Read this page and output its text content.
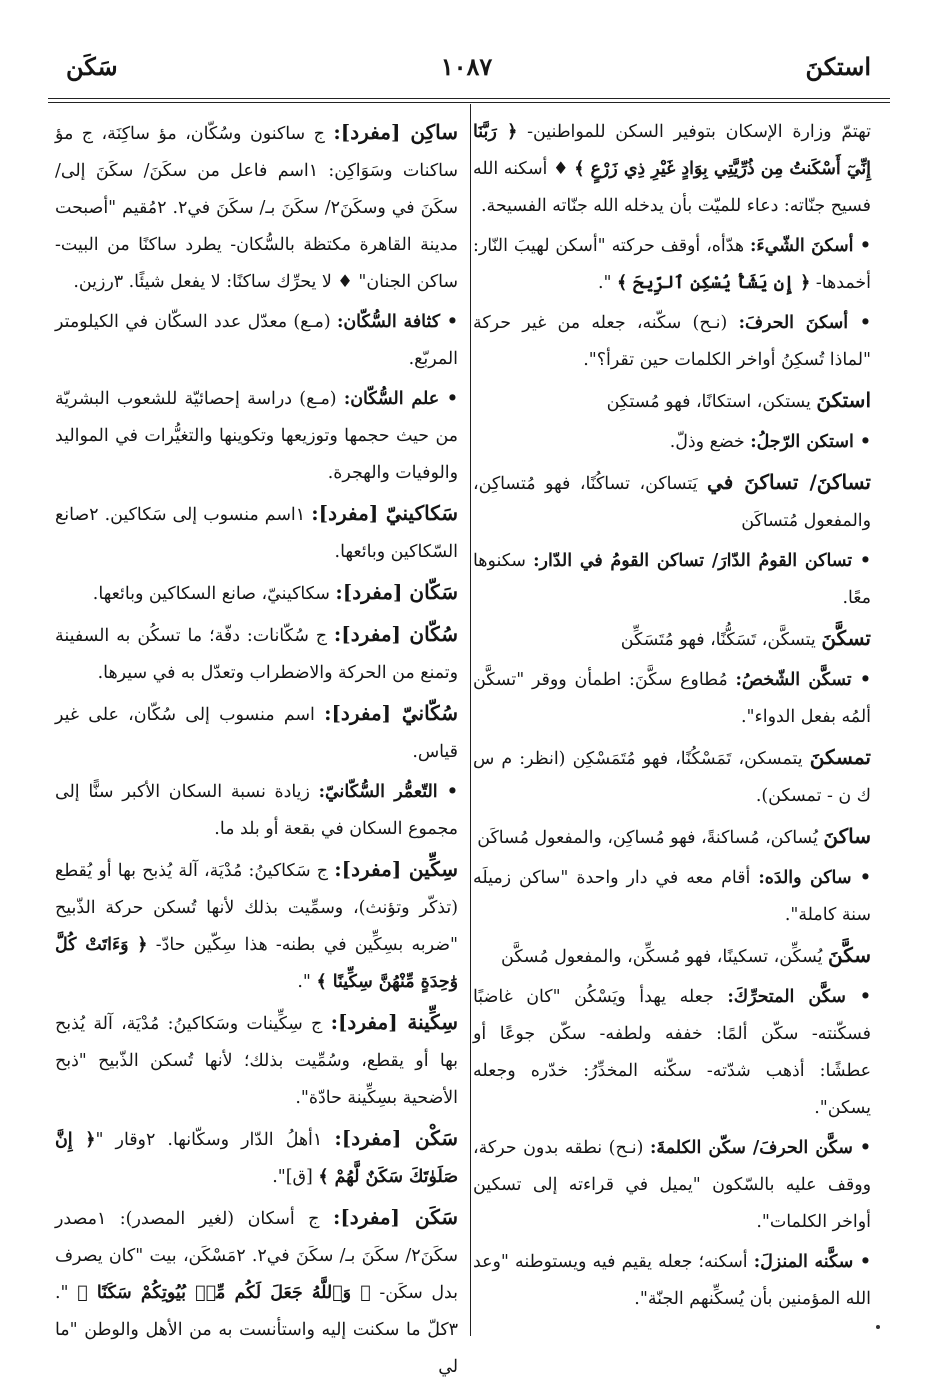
استكنَ
١٠٨٧
سَكَن

تهتمّ وزارة الإسكان بتوفير السكن للمواطنين- ﴿ رَبَّنَا إِنِّيٓ أَسْكَنتُ مِن ذُرِّيَّتِي بِوَادٍ غَيْرِ ذِي زَرْعٍ ﴾ ♦ أسكنه الله فسيح جنّاته: دعاء للميّت بأن يدخله الله جنّاته الفسيحة.

• أسكنَ الشّيءَ: هدّأه، أوقف حركته "أسكن لهيبَ النّار: أخمدها- ﴿ إِن يَشَأْ يُسْكِنِ ٱلرِّيحَ ﴾ ".

• أسكنَ الحرفَ: (نـح) سكّنه، جعله من غير حركة "لماذا تُسكِنُ أواخر الكلمات حين تقرأ؟".

استكنَ يستكن، استكانًا، فهو مُستكِن

• استكن الرّجلُ: خضع وذلّ.

تساكنَ/ تساكنَ في يَتساكن، تساكُنًا، فهو مُتساكِن، والمفعول مُتساكَن

• تساكن القومُ الدّارَ/ تساكن القومُ في الدّار: سكنوها معًا.

تسكَّنَ يتسكَّن، تَسَكُّنًا، فهو مُتَسَكِّن

• تسكَّن الشّخصُ: مُطاوع سكَّنَ: اطمأن ووقر "تسكَّن ألمُه بفعل الدواء".

تمسكنَ يتمسكن، تَمَسْكُنًا، فهو مُتَمَسْكِن (انظر: م س ك ن - تمسكن).

ساكنَ يُساكن، مُساكنةً، فهو مُساكِن، والمفعول مُساكَن

• ساكن والدَه: أقام معه في دار واحدة "ساكن زميلَه سنة كاملة".

سكَّنَ يُسكِّن، تسكينًا، فهو مُسكِّن، والمفعول مُسكَّن

• سكَّن المتحرِّكَ: جعله يهدأ ويَسْكُن "كان غاضبًا فسكّنته- سكّن ألمًا: خففه ولطفه- سكّن جوعًا أو عطشًا: أذهب شدّته- سكّنه المخدِّرُ: خدّره وجعله يسكن".

• سكَّن الحرفَ/ سكّن الكلمةَ: (نـح) نطقه بدون حركة، ووقف عليه بالسّكون "يميل في قراءته إلى تسكين أواخر الكلمات".

• سكَّنه المنزلَ: أسكنه؛ جعله يقيم فيه ويستوطنه "وعد الله المؤمنين بأن يُسكِّنهم الجنّة".

ساكِن [مفرد]: ج ساكنون وسُكّان، مؤ ساكِنَة، ج مؤ ساكنات وسَوَاكِن: ١اسم فاعل من سكَنَ/ سكَنَ إلى/ سكَنَ في وسكَنَ٢/ سكَنَ بـ/ سكَنَ في٢. ٢مُقيم "أصبحت مدينة القاهرة مكتظة بالسُّكان- يطرد ساكنًا من البيت- ساكن الجنان" ♦ لا يحرِّك ساكنًا: لا يفعل شيئًا. ٣رزين.

• كثافة السُّكّان: (مـع) معدّل عدد السكّان في الكيلومتر المربّع.

• علم السُّكّان: (مـع) دراسة إحصائيّة للشعوب البشريّة من حيث حجمها وتوزيعها وتكوينها والتغيُّرات في المواليد والوفيات والهجرة.

سَكاكينيّ [مفرد]: ١اسم منسوب إلى سَكاكين. ٢صانع السّكاكين وبائعها.

سَكّان [مفرد]: سكاكينيّ، صانع السكاكين وبائعها.

سُكّان [مفرد]: ج سُكّانات: دفّة؛ ما تسكُن به السفينة وتمنع من الحركة والاضطراب وتعدّل به في سيرها.

سُكّانيّ [مفرد]: اسم منسوب إلى سُكّان، على غير قياس.

• التّعمُّر السُّكّانيّ: زيادة نسبة السكان الأكبر سنًّا إلى مجموع السكان في بقعة أو بلد ما.

سِكِّين [مفرد]: ج سَكاكينُ: مُدْيَة، آلة يُذبح بها أو يُقطع (تذكّر وتؤنث)، وسمِّيت بذلك لأنها تُسكن حركة الذّبيح "ضربه بسِكِّين في بطنه- هذا سِكّين حادّ- ﴿ وَءَاتَتْ كُلَّ وَٰحِدَةٍ مِّنْهُنَّ سِكِّينًا ﴾ ".

سِكِّينة [مفرد]: ج سِكِّينات وسَكاكينُ: مُدْيَة، آلة يُذبح بها أو يقطع، وسُمِّيت بذلك؛ لأنها تُسكن الذّبيح "ذبح الأضحية بسِكِّينة حادّة".

سَكْن [مفرد]: ١أهلُ الدّار وسكّانها. ٢وقار "﴿ إِنَّ صَلَوٰتَكَ سَكَنٌ لَّهُمْ ﴾ [ق]".

سَكَن [مفرد]: ج أسكان (لغير المصدر): ١مصدر سكَنَ٢/ سكَنَ بـ/ سكَنَ في٢. ٢مَسْكَن، بيت "كان يصرف بدل سكَن- ﴿ وَٱللَّهُ جَعَلَ لَكُم مِّنۢ بُيُوتِكُمْ سَكَنًا ﴾ ". ٣كلّ ما سكنت إليه واستأنست به من الأهل والوطن "ما لي
